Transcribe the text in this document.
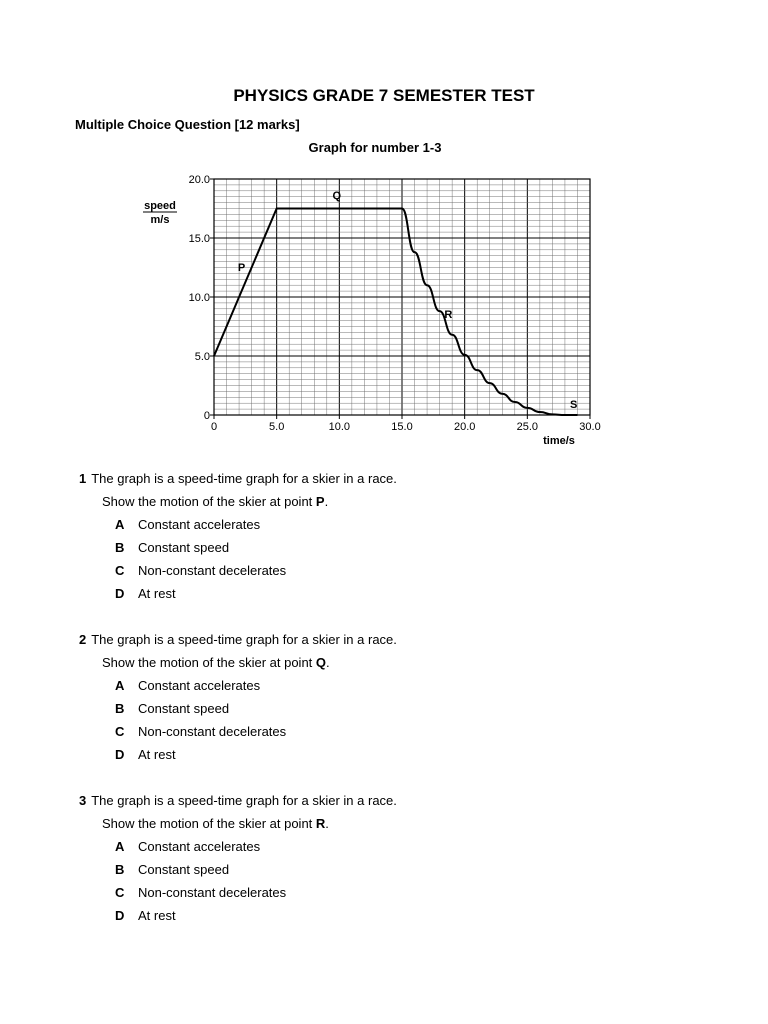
PHYSICS GRADE 7 SEMESTER TEST
Multiple Choice Question [12 marks]
Graph for number 1-3
0	5.0	10.0	15.0	20.0	25.0	30.0
0
5.0
10.0
15.0
20.0
speed
m/s
time/s
P
Q
R
S
1 The graph is a speed-time graph for a skier in a race.
Show the motion of the skier at point P.
A Constant accelerates
B Constant speed
C Non-constant decelerates
D At rest
2 The graph is a speed-time graph for a skier in a race.
Show the motion of the skier at point Q.
A Constant accelerates
B Constant speed
C Non-constant decelerates
D At rest
3 The graph is a speed-time graph for a skier in a race.
Show the motion of the skier at point R.
A Constant accelerates
B Constant speed
C Non-constant decelerates
D At rest
